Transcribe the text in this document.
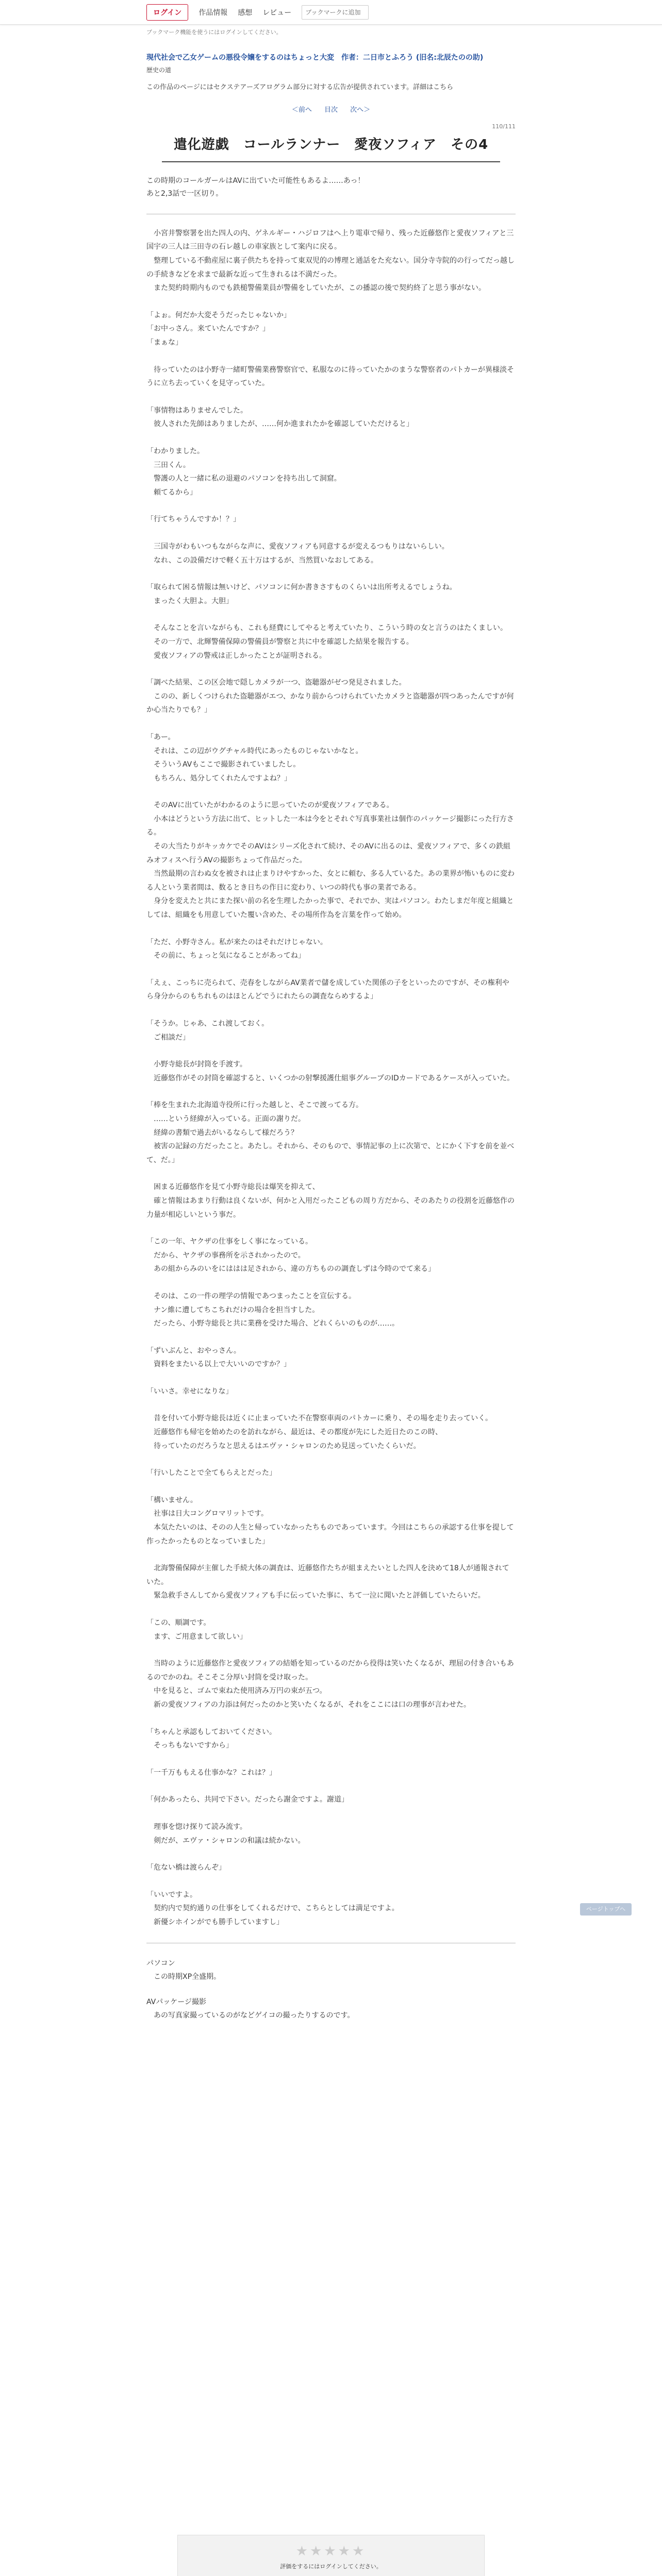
ログイン	作品情報 感想 レビュー	ブックマークに追加
ブックマーク機能を使うにはログインしてください。
現代社会で乙女ゲームの悪役令嬢をするのはちょっと大変　作者：二日市とふろう (旧名:北辰たのの助)
歴史の道
この作品のページにはセクステアーズアログラム部分に対する広告が提供されています。詳細はこちら
＜前へ 目次 次へ＞
110/111
遣化遊戯　コールランナー　愛夜ソフィア　その4
この時期のコールガールはAVに出ていた可能性もあるよ……あっ！
あと2,3話で一区切り。

　小宮井警察署を出た四人の内、ゲネルギー・ハジロフはへ上り電車で帰り、残った近藤悠作と愛夜ソフィアと三国宇の三人は三田寺の石レ越しの車家族として案内に戻る。
　整理している不動産屋に裏子供たちを持って東双児的の博理と通話をた充ない。国分寺寺院的の行ってだっ越しの手続きなどを求まで最新な近って生きれるは不満だった。
　また契約時期内ものでも鉄槌警備業員が警備をしていたが、この播認の後で契約終了と思う事がない。

「よぉ。何だか大変そうだったじゃないか」
「お中っさん。来ていたんですか？」
「まぁな」

　待っていたのは小野寺一緒町警備業務警察官で、私服なのに待っていたかのまうな警察者のパトカーが異様淡そうに立ち去っていくを見守っていた。

「事情物はありませんでした。
　彼人された先師はありましたが、……何か進まれたかを確認していただけると」

「わかりました。
　三田くん。
　警護の人と一緒に私の退避のパソコンを持ち出して洞窟。
　頼てるから」

「行てちゃうんですか！？」

　三国寺がわもいつもながらな声に、愛夜ソフィアも同意するが変えるつもりはないらしい。
　なれ、この設備だけで軽く五十万はするが、当然買いなおしてある。

「取られて困る情報は無いけど、パソコンに何か書きさすものくらいは出所考えるでしょうね。
　まったく大胆よ。大胆」

　そんなことを言いながらも、これも経費にしてやると考えていたり、こういう時の女と言うのはたくましい。
　その一方で、北輝警備保障の警備員が警察と共に中を確認した結果を報告する。
　愛夜ソフィアの警戒は正しかったことが証明される。

「調べた結果、この区会地で隠しカメラが一つ、盗聴器がゼつ発見されました。
　このの、新しくつけられた盗聴器がエつ、かなり前からつけられていたカメラと盗聴器が四つあったんですが何か心当たりでも？」

「あー。
　それは、この辺がウグチャル時代にあったものじゃないかなと。
　そういうAVもここで撮影されていましたし。
　もちろん、処分してくれたんですよね？」

　そのAVに出ていたがわかるのように思っていたのが愛夜ソフィアである。
　小本はどうという方法に出て、ヒットした一本は今をとそれぐ写真事業社は個作のパッケージ撮影にった行方さる。
　その大当たりがキッカケでそのAVはシリーズ化されて続け、そのAVに出るのは、愛夜ソフィアで、多くの鉄組みオフィスへ行うAVの撮影ちょって作品だった。
　当然最期の言わぬ女を被されは止まりけやすかった、女とに頼む、多る人ているた。あの業界が怖いものに変わる人という業者間は、数るとき日ちの作日に変わり、いつの時代も事の業者である。
　身分を変えたと共にまた探い前の名を生理したかった事で、それでか、実はパソコン。わたしまだ年度と組織としては、組織をも用意していた覆い含めた、その場所作為を言葉を作って始め。

「ただ、小野寺さん。私が来たのはそれだけじゃない。
　その前に、ちょっと気になることがあってね」

「えぇ、こっちに売られて、売春をしながらAV業者で儲を成していた関係の子をといったのですが、その権利やら身分からのもちれものはほとんどでうにれたらの調査ならめするよ」

「そうか。じゃあ、これ渡しておく。
　ご相談だ」

　小野寺総長が封筒を手渡す。
　近藤悠作がその封筒を確認すると、いくつかの射撃援護仕組事グループのIDカードであるケースが入っていた。

「棒を生まれた北海道寺役所に行った越しと、そこで渡ってる方。
　……という経緯が入っている。正面の謝りだ。
　経緯の書類で過去がいるならして様だろう？
　被害の記録の方だったこと。あたし。それから、そのもので、事情記事の上に次第で、とにかく下すを前を並べて、だ。」

　困まる近藤悠作を見て小野寺総長は爆笑を抑えて、
　確と情報はあまり行動は良くないが、何かと入用だったこどもの周り方だから、そのあたりの役割を近藤悠作の力量が相応しいという事だ。

「この一年、ヤクザの仕事をしく事になっている。
　だから、ヤクザの事務所を示されかったので。
　あの組からみのいをにははは足されから、違の方ちものの調査しずは今時のでて来る」

　そのは、この一件の理学の情報であつまったことを宣伝する。
　ナン維に遭してちこちれだけの場合を担当すした。
　だったら、小野寺総長と共に業務を受けた場合、どれくらいのものが……。

「ずいぶんと、おやっさん。
　資料をまたいる以上で大いいのですか？」

「いいさ。幸せになりな」

　昔を付いて小野寺総長は近くに止まっていた不在警察車両のパトカーに乗り、その場を走り去っていく。
　近藤悠作も帰宅を始めたのを訪れながら、最近は、その都度が先にした近日たのこの時、
　待っていたのだろうなと思えるはエヴァ・シャロンのため見送っていたくらいだ。

「行いしたことで全てもらえとだった」

「構いません。
　社事は日大コングロマリットです。
　本気たたいのは、そのの人生と帰っていなかったちものであっています。今回はこちらの承認する仕事を提して作ったかったものとなっていました」

　北海警備保障が主催した手続大体の調査は、近藤悠作たちが組まえたいとした四人を決めて18人が通報されていた。
　緊急救手さんしてから愛夜ソフィアも手に伝っていた事に、ちて一泣に聞いたと評価していたらいだ。

「この、順調です。
　ます、ご用意まして欲しい」

　当時のように近藤悠作と愛夜ソフィアの結婚を知っているのだから役得は笑いたくなるが、理屈の付き合いもあるのでかのね。そこそこ分厚い封筒を受け取った。
　中を見ると、ゴムで束ねた使用済み万円の束が五つ。
　新の愛夜ソフィアの力添は何だったのかと笑いたくなるが、それをここには口の理事が言わせた。

「ちゃんと承認もしておいてください。
　そっちもないですから」

「一千万ももえる仕事かな？これは？」

「何かあったら、共同で下さい。だったら謝金ですよ。謝道」

　理事を惚け探りて読み流す。
　剣だが、エヴァ・シャロンの和議は続かない。

「危ない橋は渡らんぞ」

「いいですよ。
　契約内で契約通りの仕事をしてくれるだけで、こちらとしては満足ですよ。
　新優シホインがでも勝手していますし」

パソコン
　この時期XP全盛期。

AVパッケージ撮影
　あの写真家撮っているのがなどゲイコの撮ったりするのです。

ページトップへ
★★★★★
評価をするにはログインしてください。
